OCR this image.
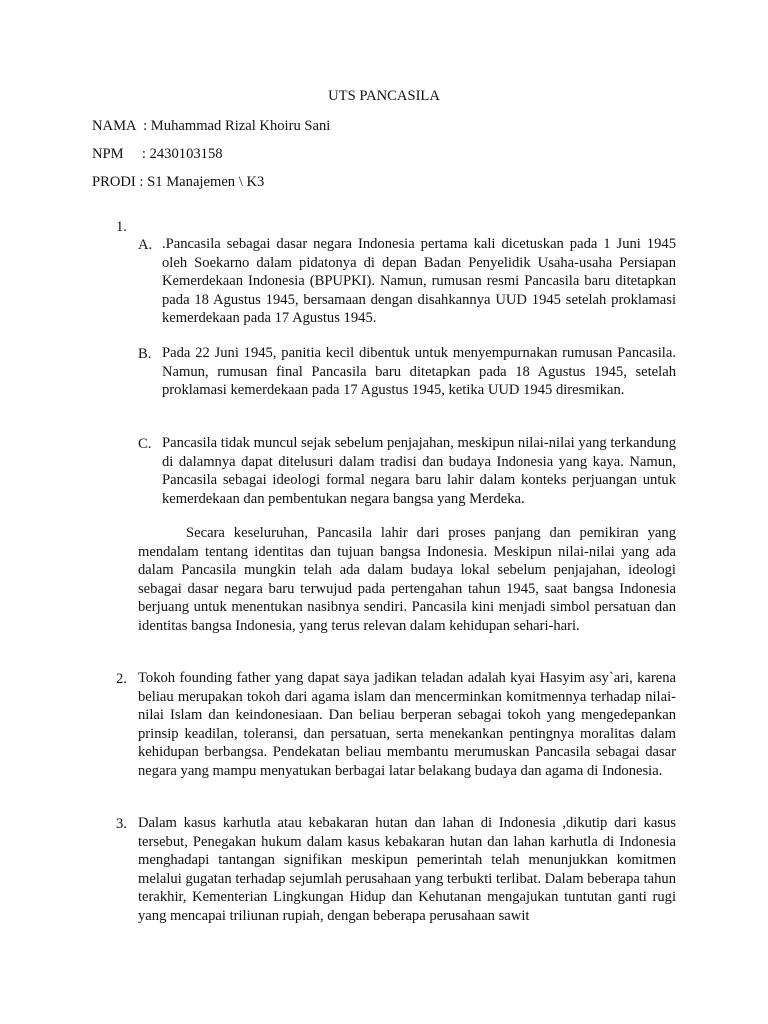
UTS PANCASILA
NAMA  : Muhammad Rizal Khoiru Sani
NPM     : 2430103158
PRODI : S1 Manajemen \ K3
1.
A. .Pancasila sebagai dasar negara Indonesia pertama kali dicetuskan pada 1 Juni 1945 oleh Soekarno dalam pidatonya di depan Badan Penyelidik Usaha-usaha Persiapan Kemerdekaan Indonesia (BPUPKI). Namun, rumusan resmi Pancasila baru ditetapkan pada 18 Agustus 1945, bersamaan dengan disahkannya UUD 1945 setelah proklamasi kemerdekaan pada 17 Agustus 1945.
B. Pada 22 Juni 1945, panitia kecil dibentuk untuk menyempurnakan rumusan Pancasila. Namun, rumusan final Pancasila baru ditetapkan pada 18 Agustus 1945, setelah proklamasi kemerdekaan pada 17 Agustus 1945, ketika UUD 1945 diresmikan.
C. Pancasila tidak muncul sejak sebelum penjajahan, meskipun nilai-nilai yang terkandung di dalamnya dapat ditelusuri dalam tradisi dan budaya Indonesia yang kaya. Namun, Pancasila sebagai ideologi formal negara baru lahir dalam konteks perjuangan untuk kemerdekaan dan pembentukan negara bangsa yang Merdeka.
Secara keseluruhan, Pancasila lahir dari proses panjang dan pemikiran yang mendalam tentang identitas dan tujuan bangsa Indonesia. Meskipun nilai-nilai yang ada dalam Pancasila mungkin telah ada dalam budaya lokal sebelum penjajahan, ideologi sebagai dasar negara baru terwujud pada pertengahan tahun 1945, saat bangsa Indonesia berjuang untuk menentukan nasibnya sendiri. Pancasila kini menjadi simbol persatuan dan identitas bangsa Indonesia, yang terus relevan dalam kehidupan sehari-hari.
2. Tokoh founding father yang dapat saya jadikan teladan adalah kyai Hasyim asy`ari, karena beliau merupakan tokoh dari agama islam dan mencerminkan komitmennya terhadap nilai-nilai Islam dan keindonesiaan. Dan beliau berperan sebagai tokoh yang mengedepankan prinsip keadilan, toleransi, dan persatuan, serta menekankan pentingnya moralitas dalam kehidupan berbangsa. Pendekatan beliau membantu merumuskan Pancasila sebagai dasar negara yang mampu menyatukan berbagai latar belakang budaya dan agama di Indonesia.
3. Dalam kasus karhutla atau kebakaran hutan dan lahan di Indonesia ,dikutip dari kasus tersebut, Penegakan hukum dalam kasus kebakaran hutan dan lahan karhutla di Indonesia menghadapi tantangan signifikan meskipun pemerintah telah menunjukkan komitmen melalui gugatan terhadap sejumlah perusahaan yang terbukti terlibat. Dalam beberapa tahun terakhir, Kementerian Lingkungan Hidup dan Kehutanan mengajukan tuntutan ganti rugi yang mencapai triliunan rupiah, dengan beberapa perusahaan sawit
